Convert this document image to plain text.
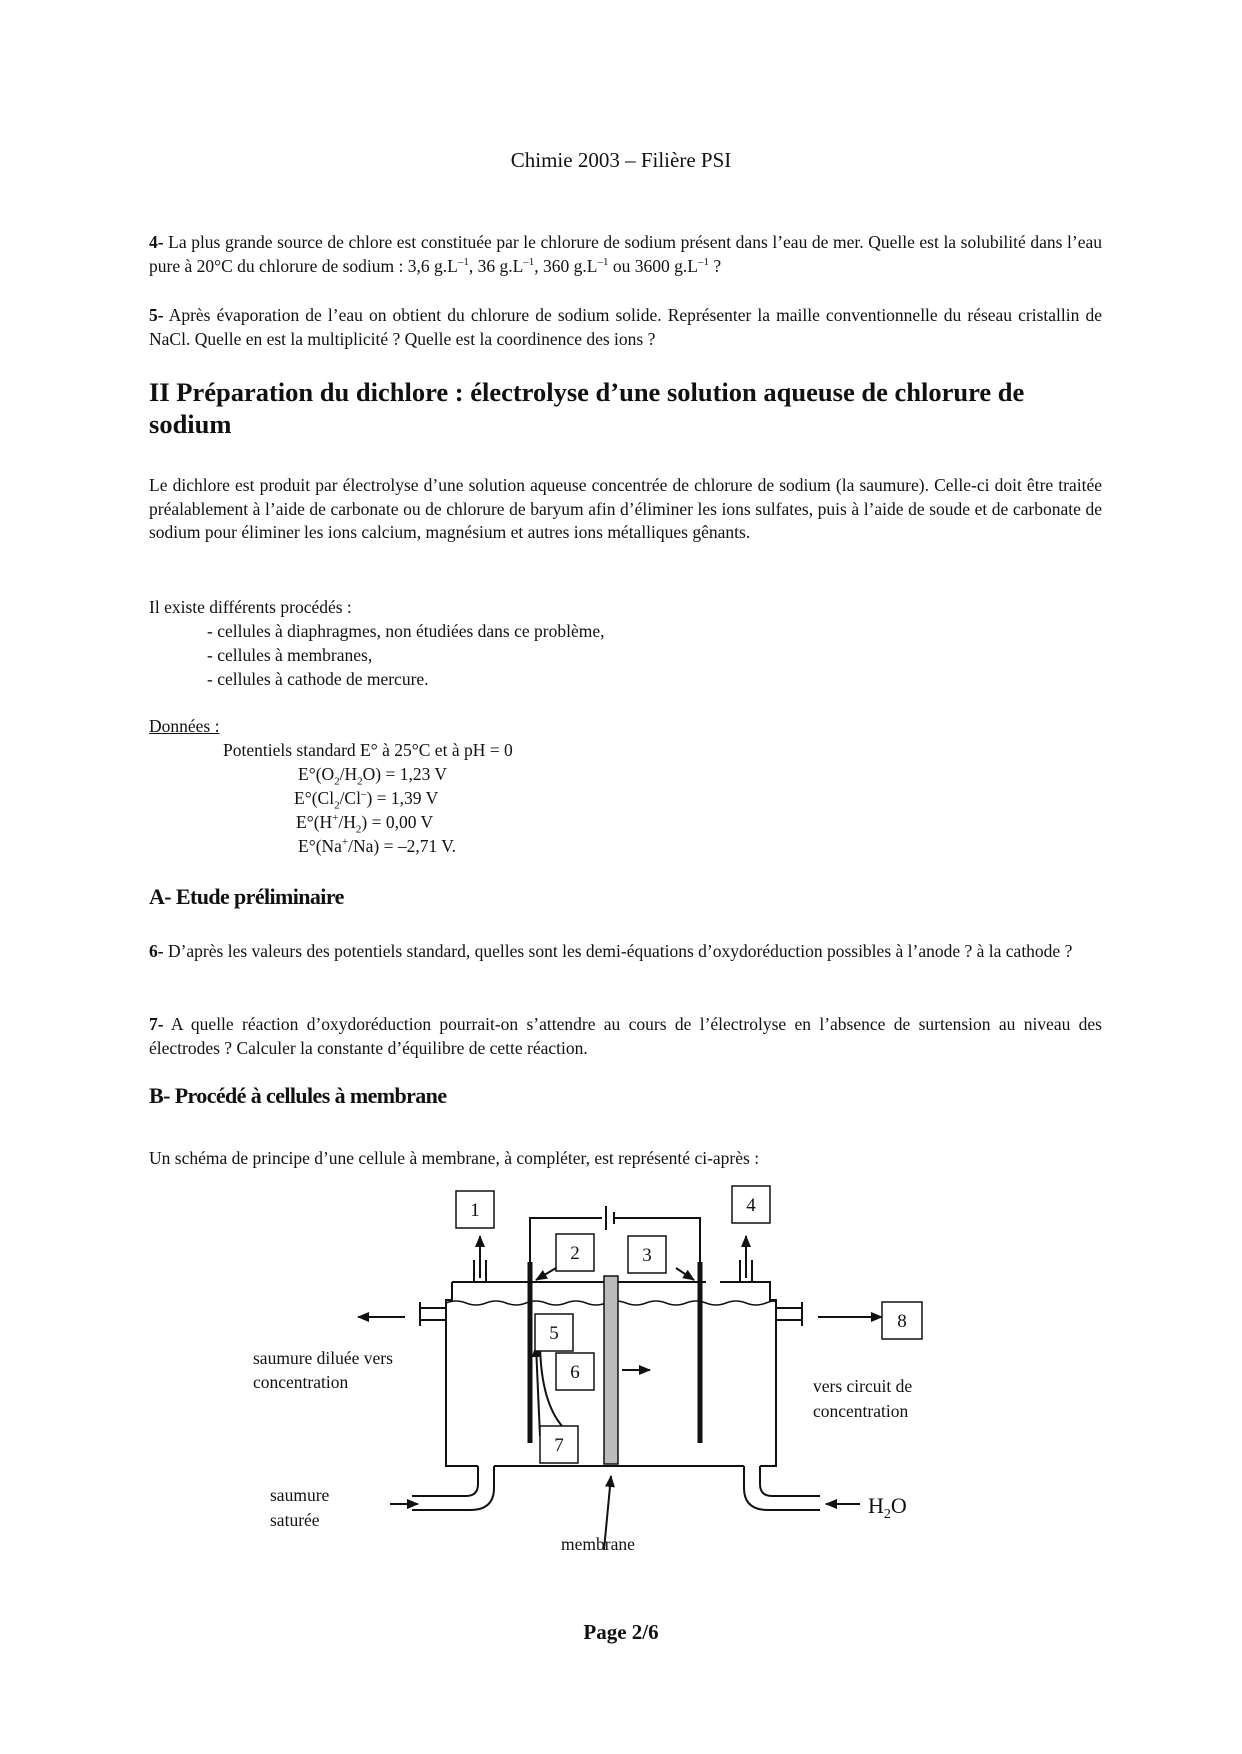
Chimie 2003 – Filière PSI
4- La plus grande source de chlore est constituée par le chlorure de sodium présent dans l’eau de mer. Quelle est la solubilité dans l’eau pure à 20°C du chlorure de sodium : 3,6 $g.L^{-1}$, 36 $g.L^{-1}$, 360 $g.L^{-1}$ ou 3600 $g.L^{-1}$ ?
5- Après évaporation de l’eau on obtient du chlorure de sodium solide. Représenter la maille conventionnelle du réseau cristallin de NaCl. Quelle en est la multiplicité ? Quelle est la coordinence des ions ?
II Préparation du dichlore : électrolyse d’une solution aqueuse de chlorure de sodium
Le dichlore est produit par électrolyse d’une solution aqueuse concentrée de chlorure de sodium (la saumure). Celle-ci doit être traitée préalablement à l’aide de carbonate ou de chlorure de baryum afin d’éliminer les ions sulfates, puis à l’aide de soude et de carbonate de sodium pour éliminer les ions calcium, magnésium et autres ions métalliques gênants.
Il existe différents procédés :
- cellules à diaphragmes, non étudiées dans ce problème,
- cellules à membranes,
- cellules à cathode de mercure.
Données :
Potentiels standard E° à 25°C et à pH = 0
$E^\circ(O_2/H_2O) = 1,23$ V
$E^\circ(Cl_2/Cl^-) = 1,39$ V
$E^\circ(H^+/H_2) = 0,00$ V
E°(Na+/Na) = –2,71 V.
A- Etude préliminaire
6- D’après les valeurs des potentiels standard, quelles sont les demi-équations d’oxydoréduction possibles à l’anode ? à la cathode ?
7- A quelle réaction d’oxydoréduction pourrait-on s’attendre au cours de l’électrolyse en l’absence de surtension au niveau des électrodes ? Calculer la constante d’équilibre de cette réaction.
B- Procédé à cellules à membrane
Un schéma de principe d’une cellule à membrane, à compléter, est représenté ci-après :
1
2	3
4
5
6
7
8
saumure diluée vers
concentration	vers circuit de
concentration
saumure
saturée
membrane
$H_2O$
Page 2/6
